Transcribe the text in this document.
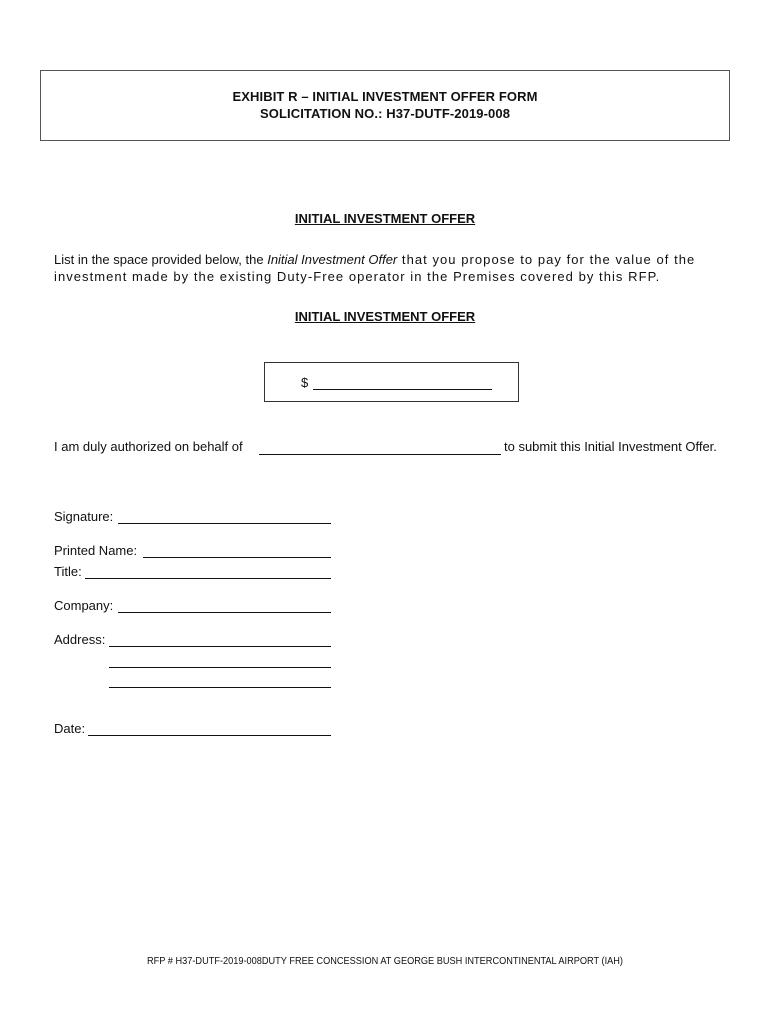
EXHIBIT R – INITIAL INVESTMENT OFFER FORM
SOLICITATION NO.: H37-DUTF-2019-008
INITIAL INVESTMENT OFFER
List in the space provided below, the Initial Investment Offer that you propose to pay for the value of the
investment made by the existing Duty-Free operator in the Premises covered by this RFP.
INITIAL INVESTMENT OFFER
$
I am duly authorized on behalf of	to submit this Initial Investment Offer.
Signature:
Printed Name:
Title:
Company:
Address:
Date:
RFP # H37-DUTF-2019-008DUTY FREE CONCESSION AT GEORGE BUSH INTERCONTINENTAL AIRPORT (IAH)
